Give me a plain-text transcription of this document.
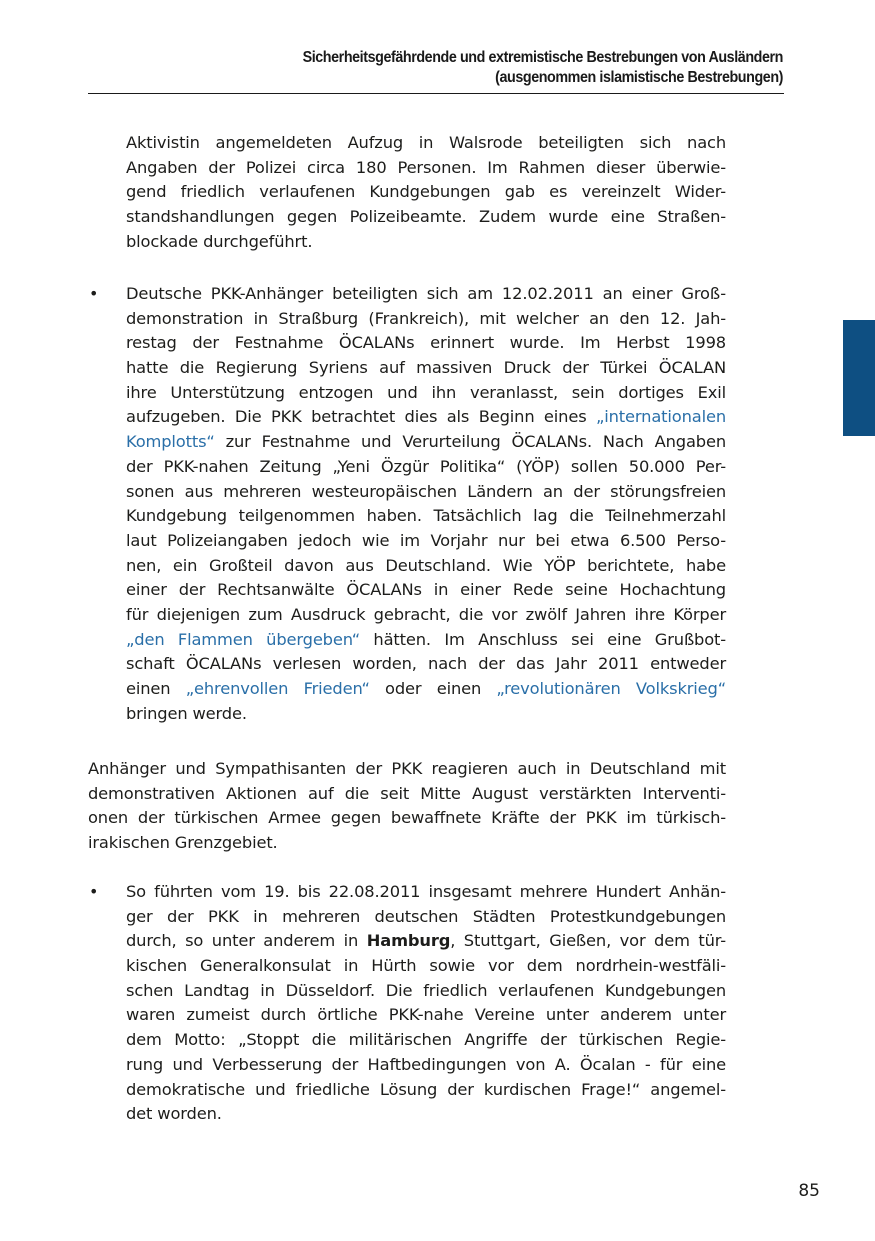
Sicherheitsgefährdende und extremistische Bestrebungen von Ausländern
(ausgenommen islamistische Bestrebungen)
Aktivistin angemeldeten Aufzug in Walsrode beteiligten sich nach
Angaben der Polizei circa 180 Personen. Im Rahmen dieser überwie-
gend friedlich verlaufenen Kundgebungen gab es vereinzelt Wider-
standshandlungen gegen Polizeibeamte. Zudem wurde eine Straßen-
blockade durchgeführt.
• Deutsche PKK-Anhänger beteiligten sich am 12.02.2011 an einer Groß-
demonstration in Straßburg (Frankreich), mit welcher an den 12. Jah-
restag der Festnahme ÖCALANs erinnert wurde. Im Herbst 1998
hatte die Regierung Syriens auf massiven Druck der Türkei ÖCALAN
ihre Unterstützung entzogen und ihn veranlasst, sein dortiges Exil
aufzugeben. Die PKK betrachtet dies als Beginn eines „internationalen
Komplotts“ zur Festnahme und Verurteilung ÖCALANs. Nach Angaben
der PKK-nahen Zeitung „Yeni Özgür Politika“ (YÖP) sollen 50.000 Per-
sonen aus mehreren westeuropäischen Ländern an der störungsfreien
Kundgebung teilgenommen haben. Tatsächlich lag die Teilnehmerzahl
laut Polizeiangaben jedoch wie im Vorjahr nur bei etwa 6.500 Perso-
nen, ein Großteil davon aus Deutschland. Wie YÖP berichtete, habe
einer der Rechtsanwälte ÖCALANs in einer Rede seine Hochachtung
für diejenigen zum Ausdruck gebracht, die vor zwölf Jahren ihre Körper
„den Flammen übergeben“ hätten. Im Anschluss sei eine Grußbot-
schaft ÖCALANs verlesen worden, nach der das Jahr 2011 entweder
einen „ehrenvollen Frieden“ oder einen „revolutionären Volkskrieg“
bringen werde.
Anhänger und Sympathisanten der PKK reagieren auch in Deutschland mit
demonstrativen Aktionen auf die seit Mitte August verstärkten Interventi-
onen der türkischen Armee gegen bewaffnete Kräfte der PKK im türkisch-
irakischen Grenzgebiet.
• So führten vom 19. bis 22.08.2011 insgesamt mehrere Hundert Anhän-
ger der PKK in mehreren deutschen Städten Protestkundgebungen
durch, so unter anderem in Hamburg, Stuttgart, Gießen, vor dem tür-
kischen Generalkonsulat in Hürth sowie vor dem nordrhein-westfäli-
schen Landtag in Düsseldorf. Die friedlich verlaufenen Kundgebungen
waren zumeist durch örtliche PKK-nahe Vereine unter anderem unter
dem Motto: „Stoppt die militärischen Angriffe der türkischen Regie-
rung und Verbesserung der Haftbedingungen von A. Öcalan - für eine
demokratische und friedliche Lösung der kurdischen Frage!“ angemel-
det worden.
85
